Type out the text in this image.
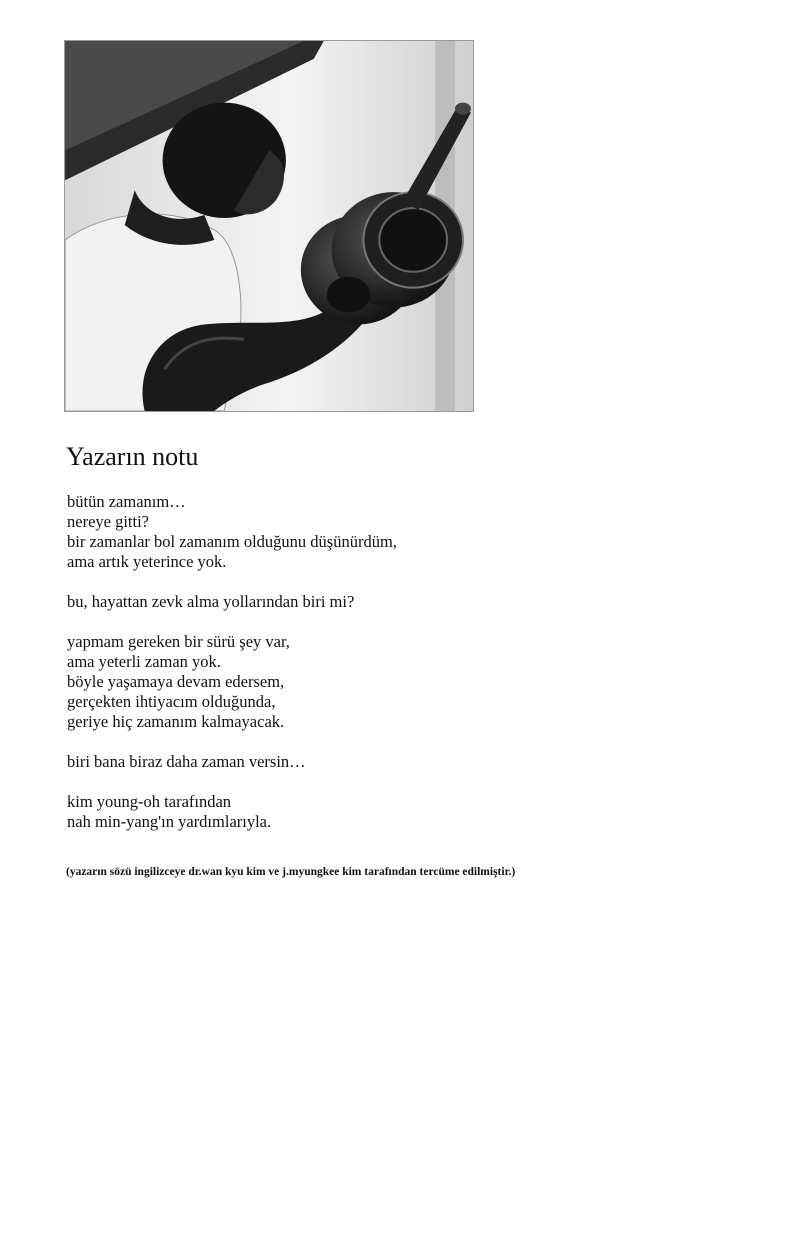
Yazarın notu

bütün zamanım…
nereye gitti?
bir zamanlar bol zamanım olduğunu düşünürdüm,
ama artık yeterince yok.

bu, hayattan zevk alma yollarından biri mi?

yapmam gereken bir sürü şey var,
ama yeterli zaman yok.
böyle yaşamaya devam edersem,
gerçekten ihtiyacım olduğunda,
geriye hiç zamanım kalmayacak.

biri bana biraz daha zaman versin…

kim young-oh tarafından
nah min-yang'ın yardımlarıyla.

(yazarın sözü ingilizceye dr.wan kyu kim ve j.myungkee kim tarafından tercüme edilmiştir.)
